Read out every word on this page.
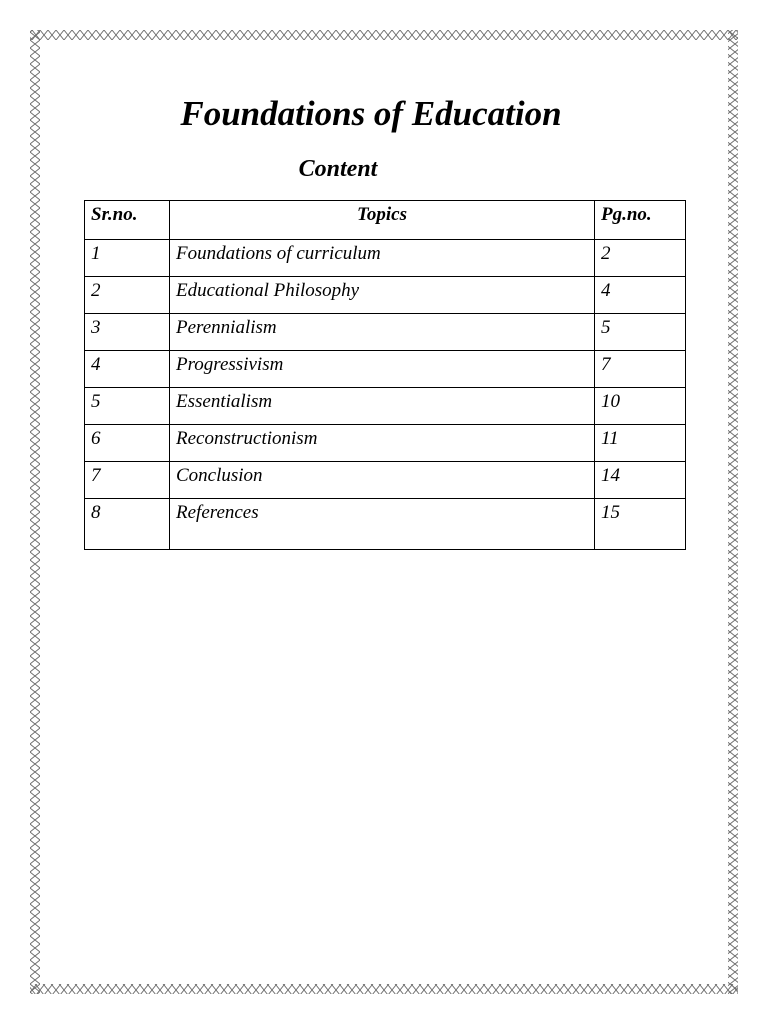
Foundations of Education
Content
Sr.no.	Topics	Pg.no.
1	Foundations of curriculum	2
2	Educational Philosophy	4
3	Perennialism	5
4	Progressivism	7
5	Essentialism	10
6	Reconstructionism	11
7	Conclusion	14
8	References	15
